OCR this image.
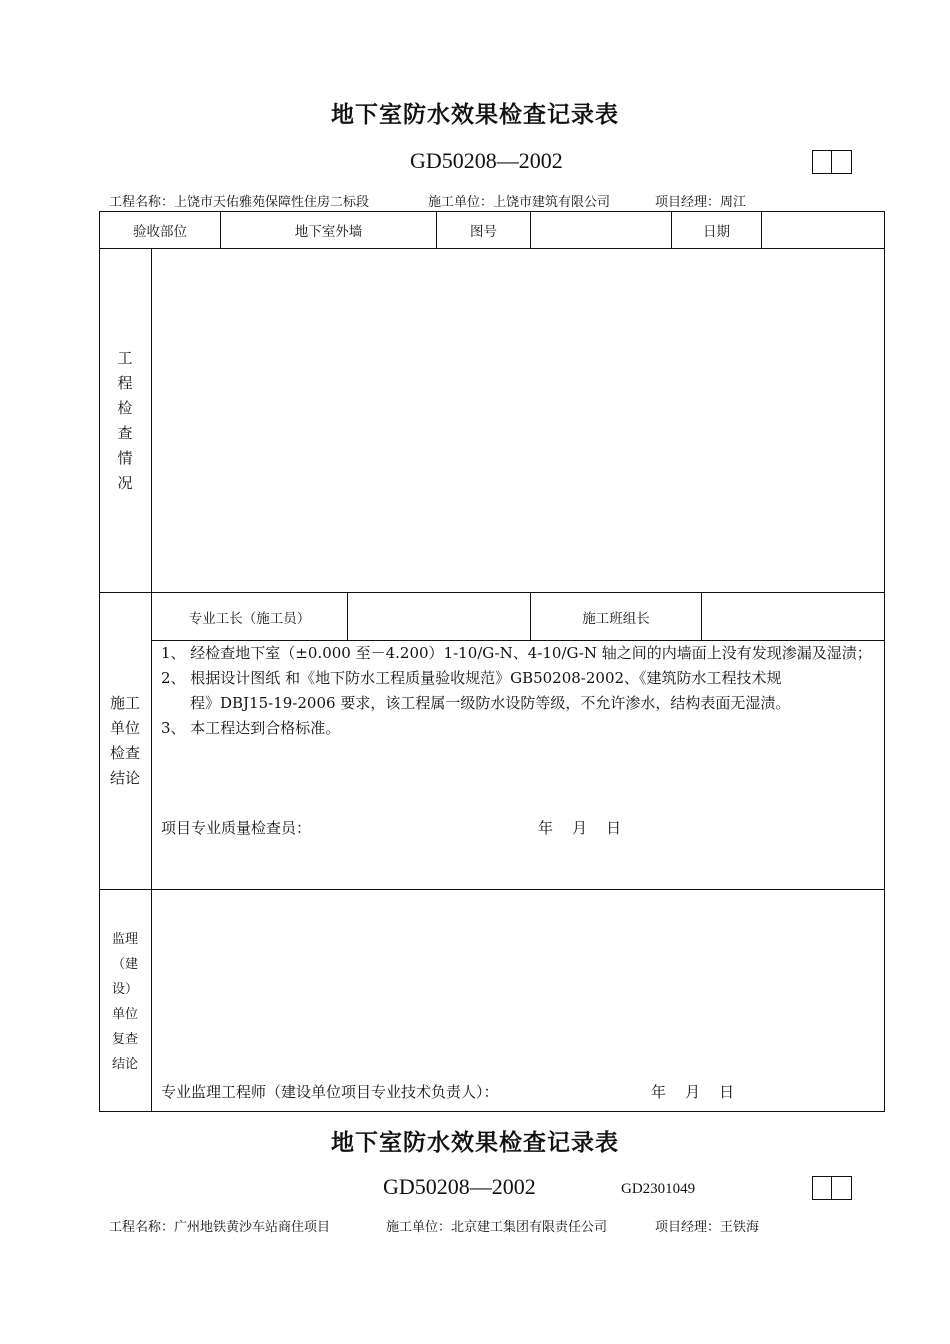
地下室防水效果检查记录表
GD50208—2002
工程名称：上饶市天佑雅苑保障性住房二标段	施工单位：上饶市建筑有限公司	项目经理：周江
验收部位	地下室外墙	图号	日期
工
程
检
查
情
况
专业工长（施工员）	施工班组长
施工
单位
检查
结论
1、 经检查地下室（±0.000 至－4.200）1-10/G-N、4-10/G-N 轴之间的内墙面上没有发现渗漏及湿渍；
2、 根据设计图纸 和《地下防水工程质量验收规范》GB50208-2002、《建筑防水工程技术规
程》DBJ15-19-2006 要求，该工程属一级防水设防等级，不允许渗水，结构表面无湿渍。
3、 本工程达到合格标准。
项目专业质量检查员：	年    月    日
监理
（建
设）
单位
复查
结论
专业监理工程师（建设单位项目专业技术负责人）：	年    月    日
地下室防水效果检查记录表
GD50208—2002	GD2301049
工程名称：广州地铁黄沙车站商住项目	施工单位：北京建工集团有限责任公司	项目经理：王铁海
